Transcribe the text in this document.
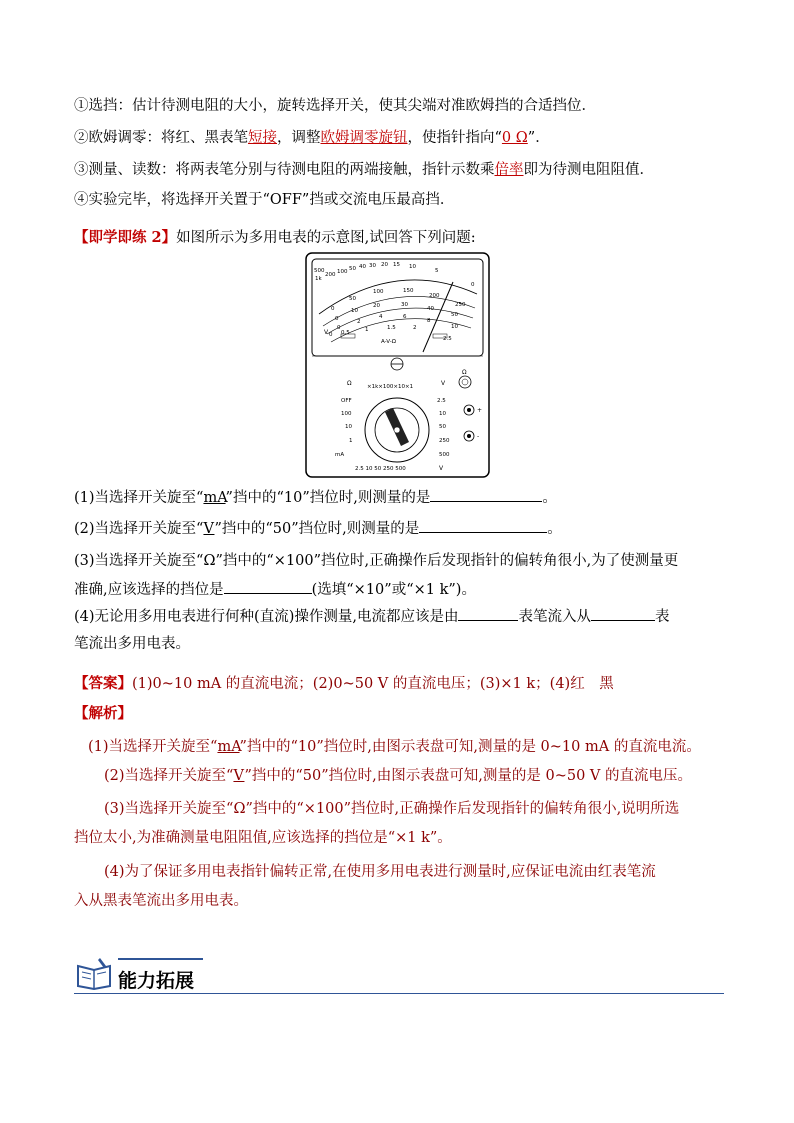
①选挡：估计待测电阻的大小，旋转选择开关，使其尖端对准欧姆挡的合适挡位．
②欧姆调零：将红、黑表笔短接，调整欧姆调零旋钮，使指针指向“0 Ω”．
③测量、读数：将两表笔分别与待测电阻的两端接触，指针示数乘倍率即为待测电阻阻值．
④实验完毕，将选择开关置于“OFF”挡或交流电压最高挡．
【即学即练 2】如图所示为多用电表的示意图,试回答下列问题:
500
1k
200 100 50 40 30 20 15 10
5
0
0
50
100	150
200
250
0
10
20	30
40
50
0
2
4	6
8
10
0 0.5	1	1.5	2
2.5
V
A-V-Ω
Ω	×1k×100×10×1	V
OFF
100
10
1
mA
2.5
10
50
250
500
2.5 10 50 250 500	V
Ω
+
-
(1)当选择开关旋至“mA”挡中的“10”挡位时,则测量的是	。
(2)当选择开关旋至“V”挡中的“50”挡位时,则测量的是	。
(3)当选择开关旋至“Ω”挡中的“×100”挡位时,正确操作后发现指针的偏转角很小,为了使测量更
准确,应该选择的挡位是	(选填“×10”或“×1 k”)。
(4)无论用多用电表进行何种(直流)操作测量,电流都应该是由	表笔流入从	表
笔流出多用电表。
【答案】(1)0~10 mA 的直流电流；(2)0~50 V 的直流电压；(3)×1 k；(4)红　黑
【解析】
(1)当选择开关旋至“mA”挡中的“10”挡位时,由图示表盘可知,测量的是 0~10 mA 的直流电流。
(2)当选择开关旋至“V”挡中的“50”挡位时,由图示表盘可知,测量的是 0~50 V 的直流电压。
(3)当选择开关旋至“Ω”挡中的“×100”挡位时,正确操作后发现指针的偏转角很小,说明所选
挡位太小,为准确测量电阻阻值,应该选择的挡位是“×1 k”。
(4)为了保证多用电表指针偏转正常,在使用多用电表进行测量时,应保证电流由红表笔流
入从黑表笔流出多用电表。
能力拓展
